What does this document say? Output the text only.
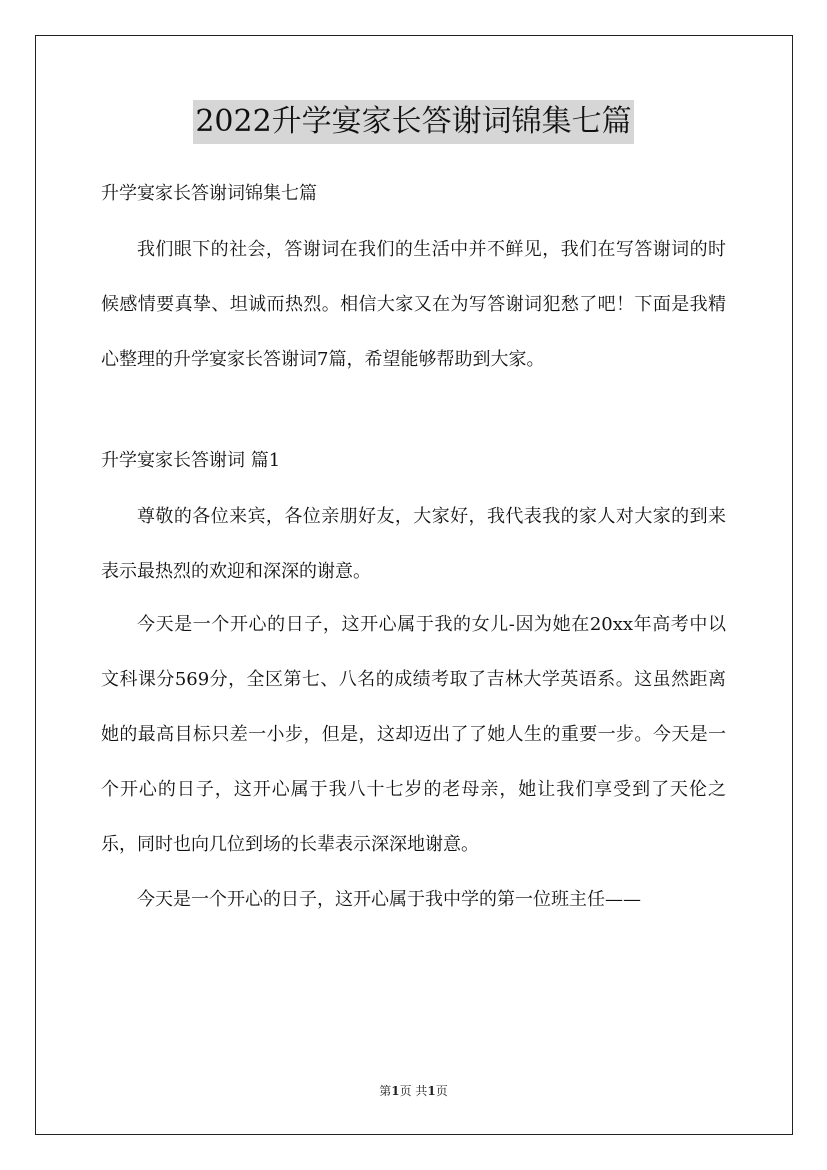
2022升学宴家长答谢词锦集七篇

升学宴家长答谢词锦集七篇

我们眼下的社会，答谢词在我们的生活中并不鲜见，我们在写答谢词的时候感情要真挚、坦诚而热烈。相信大家又在为写答谢词犯愁了吧！下面是我精心整理的升学宴家长答谢词7篇，希望能够帮助到大家。

升学宴家长答谢词 篇1

尊敬的各位来宾，各位亲朋好友，大家好，我代表我的家人对大家的到来表示最热烈的欢迎和深深的谢意。

今天是一个开心的日子，这开心属于我的女儿-因为她在20xx年高考中以文科课分569分，全区第七、八名的成绩考取了吉林大学英语系。这虽然距离她的最高目标只差一小步，但是，这却迈出了了她人生的重要一步。今天是一个开心的日子，这开心属于我八十七岁的老母亲，她让我们享受到了天伦之乐，同时也向几位到场的长辈表示深深地谢意。

今天是一个开心的日子，这开心属于我中学的第一位班主任——

第1页 共1页
